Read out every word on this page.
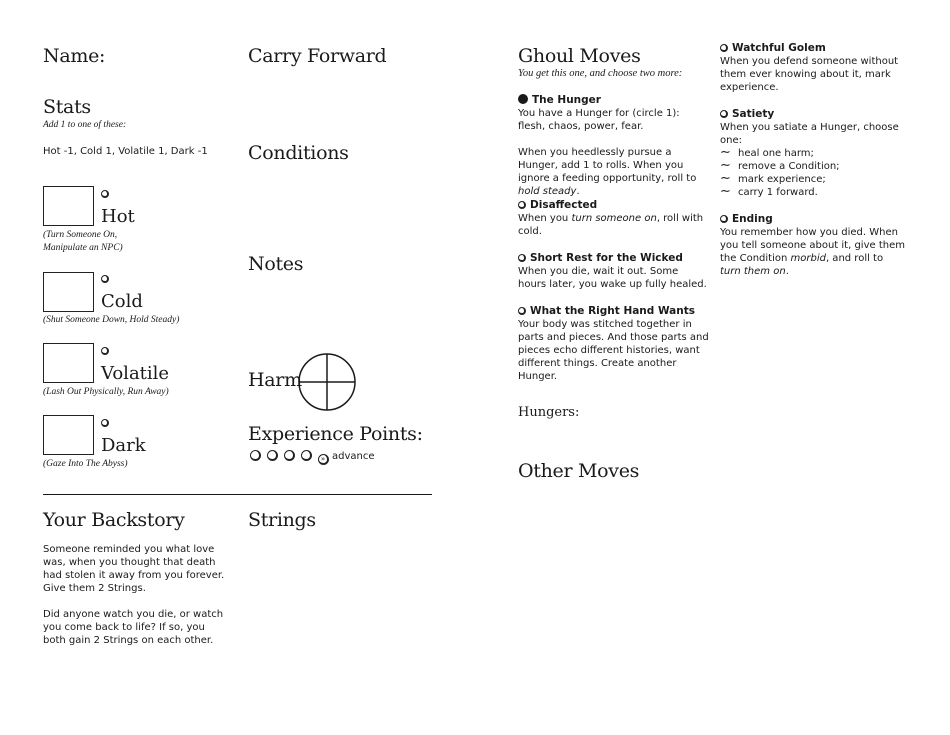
Name:	Carry Forward
Stats
Add 1 to one of these:
Hot -1, Cold 1, Volatile 1, Dark -1 Conditions
Notes
Hot
(Turn Someone On,
Manipulate an NPC)
Cold
(Shut Someone Down, Hold Steady)
Volatile
(Lash Out Physically, Run Away)
Dark
(Gaze Into The Abyss)
Harm
Experience Points:
» advance
Your Backstory

Someone reminded you what love was, when you thought that death had stolen it away from you forever. Give them 2 Strings.

Did anyone watch you die, or watch you come back to life? If so, you both gain 2 Strings on each other.

Strings
Ghoul Moves
You get this one, and choose two more:
The Hunger

You have a Hunger for (circle 1): flesh, chaos, power, fear.

When you heedlessly pursue a Hunger, add 1 to rolls. When you ignore a feeding opportunity, roll to hold steady.

Disaffected

When you turn someone on, roll with cold.

Short Rest for the Wicked

When you die, wait it out. Some hours later, you wake up fully healed.

What the Right Hand Wants

Your body was stitched together in parts and pieces. And those parts and pieces echo different histories, want different things. Create another Hunger.

Hungers:
Other Moves
Watchful Golem

When you defend someone without them ever knowing about it, mark experience.

Satiety

When you satiate a Hunger, choose one:

∼ heal one harm;
∼ remove a Condition;
∼ mark experience;
∼ carry 1 forward.
Ending

You remember how you died. When you tell someone about it, give them the Condition morbid, and roll to turn them on.
